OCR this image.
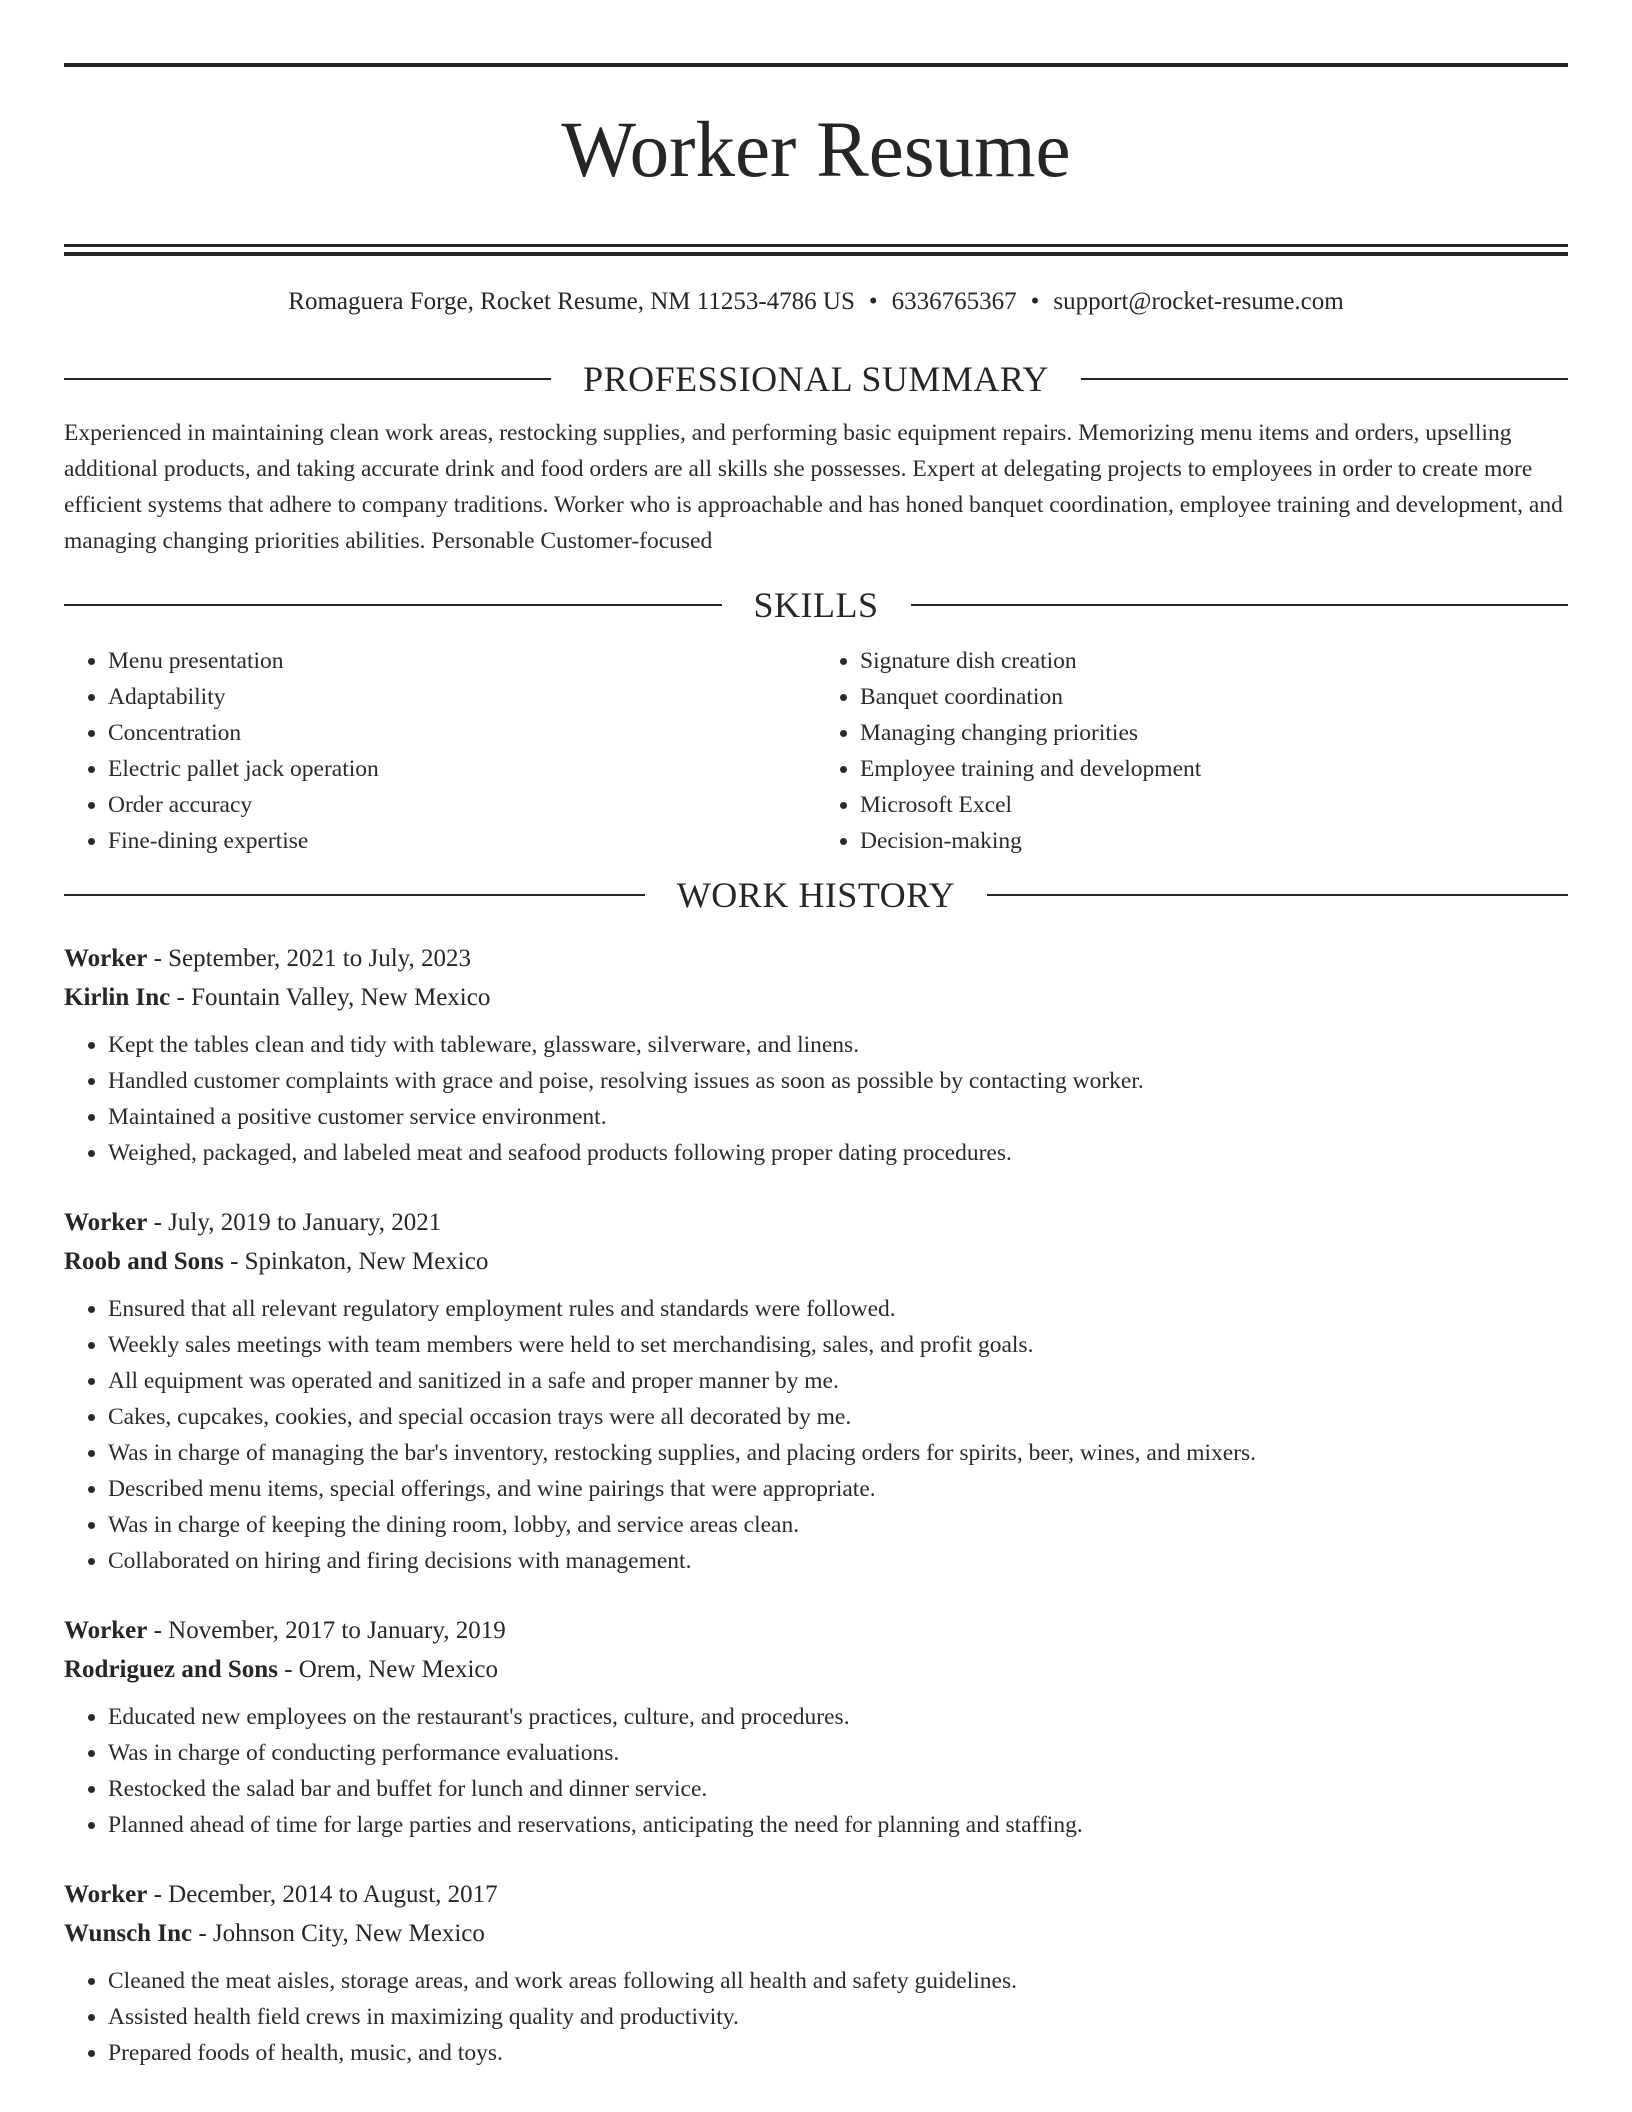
Worker Resume
Romaguera Forge, Rocket Resume, NM 11253-4786 US • 6336765367 • support@rocket-resume.com
PROFESSIONAL SUMMARY
Experienced in maintaining clean work areas, restocking supplies, and performing basic equipment repairs. Memorizing menu items and orders, upselling additional products, and taking accurate drink and food orders are all skills she possesses. Expert at delegating projects to employees in order to create more efficient systems that adhere to company traditions. Worker who is approachable and has honed banquet coordination, employee training and development, and managing changing priorities abilities. Personable Customer-focused
SKILLS
• Menu presentation
• Adaptability
• Concentration
• Electric pallet jack operation
• Order accuracy
• Fine-dining expertise
• Signature dish creation
• Banquet coordination
• Managing changing priorities
• Employee training and development
• Microsoft Excel
• Decision-making
WORK HISTORY
Worker - September, 2021 to July, 2023
Kirlin Inc - Fountain Valley, New Mexico
• Kept the tables clean and tidy with tableware, glassware, silverware, and linens.
• Handled customer complaints with grace and poise, resolving issues as soon as possible by contacting worker.
• Maintained a positive customer service environment.
• Weighed, packaged, and labeled meat and seafood products following proper dating procedures.
Worker - July, 2019 to January, 2021
Roob and Sons - Spinkaton, New Mexico
• Ensured that all relevant regulatory employment rules and standards were followed.
• Weekly sales meetings with team members were held to set merchandising, sales, and profit goals.
• All equipment was operated and sanitized in a safe and proper manner by me.
• Cakes, cupcakes, cookies, and special occasion trays were all decorated by me.
• Was in charge of managing the bar's inventory, restocking supplies, and placing orders for spirits, beer, wines, and mixers.
• Described menu items, special offerings, and wine pairings that were appropriate.
• Was in charge of keeping the dining room, lobby, and service areas clean.
• Collaborated on hiring and firing decisions with management.
Worker - November, 2017 to January, 2019
Rodriguez and Sons - Orem, New Mexico
• Educated new employees on the restaurant's practices, culture, and procedures.
• Was in charge of conducting performance evaluations.
• Restocked the salad bar and buffet for lunch and dinner service.
• Planned ahead of time for large parties and reservations, anticipating the need for planning and staffing.
Worker - December, 2014 to August, 2017
Wunsch Inc - Johnson City, New Mexico
• Cleaned the meat aisles, storage areas, and work areas following all health and safety guidelines.
• Assisted health field crews in maximizing quality and productivity.
• Prepared foods of health, music, and toys.
